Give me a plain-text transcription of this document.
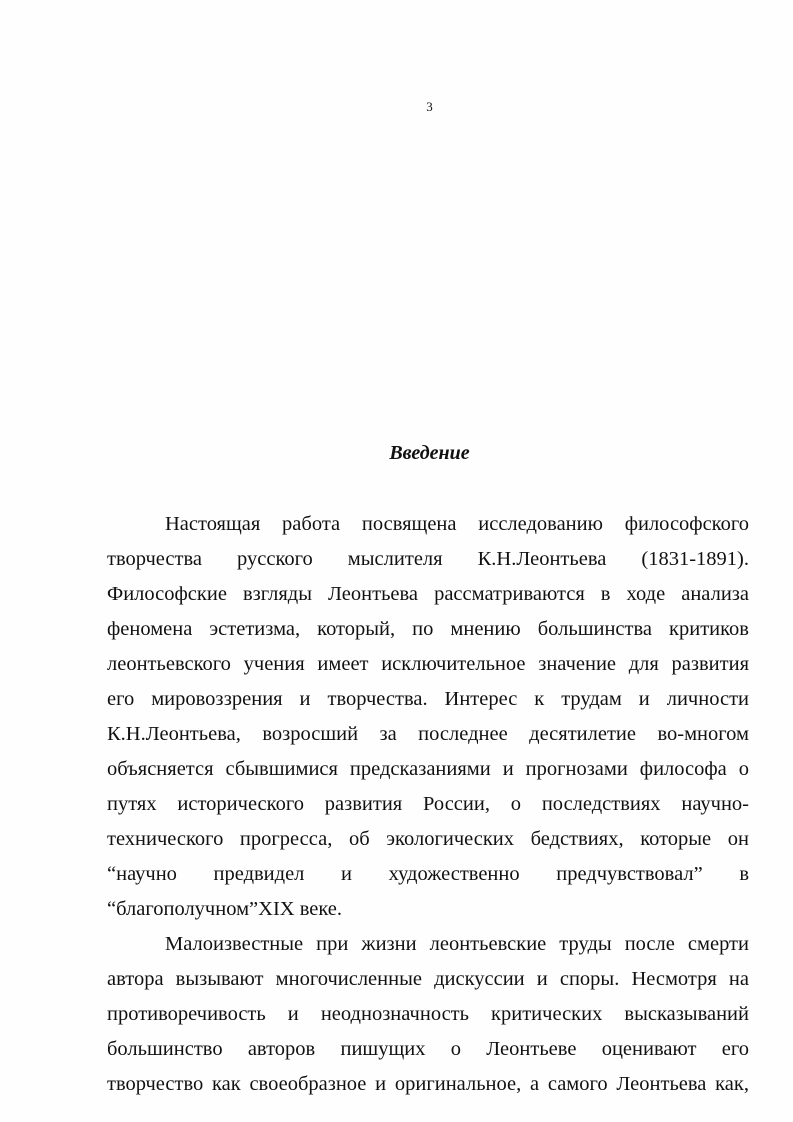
3
Введение
Настоящая работа посвящена исследованию философского
творчества русского мыслителя К.Н.Леонтьева (1831-1891).
Философские взгляды Леонтьева рассматриваются в ходе анализа
феномена эстетизма, который, по мнению большинства критиков
леонтьевского учения имеет исключительное значение для развития
его мировоззрения и творчества. Интерес к трудам и личности
К.Н.Леонтьева, возросший за последнее десятилетие во-многом
объясняется сбывшимися предсказаниями и прогнозами философа о
путях исторического развития России, о последствиях научно-
технического прогресса, об экологических бедствиях, которые он
“научно предвидел и художественно предчувствовал” в
“благополучном”XIX веке.
Малоизвестные при жизни леонтьевские труды после смерти
автора вызывают многочисленные дискуссии и споры. Несмотря на
противоречивость и неоднозначность критических высказываний
большинство авторов пишущих о Леонтьеве оценивают его
творчество как своеобразное и оригинальное, а самого Леонтьева как,
